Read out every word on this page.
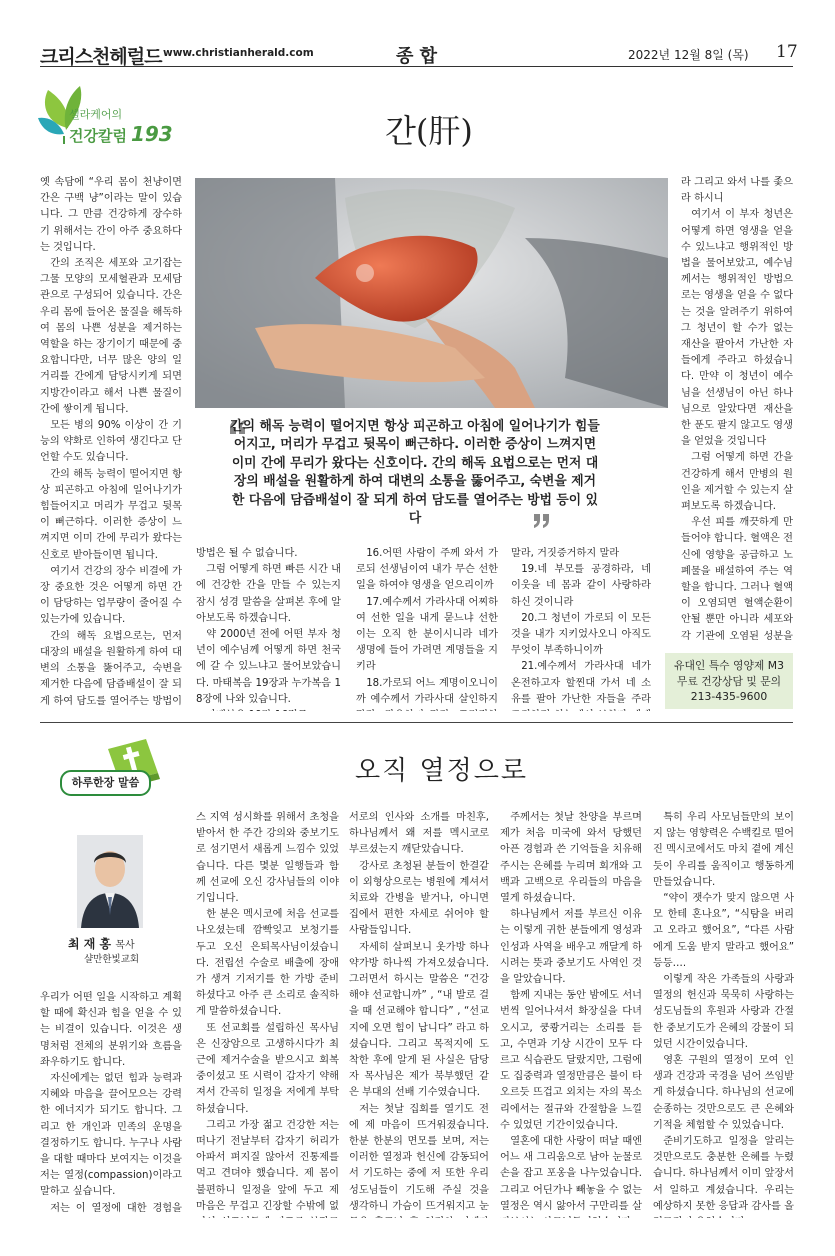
크리스천헤럴드 www.christianherald.com	종 합	2022년 12월 8일 (목) 17
셀라케어의
건강칼럼 193	간(肝)

옛 속담에 “우리 몸이 천냥이면 간은 구백 냥”이라는 말이 있습니다. 그 만큼 건강하게 장수하기 위해서는 간이 아주 중요하다는 것입니다.

간의 조직은 세포와 고기잡는 그물 모양의 모세혈관과 모세담관으로 구성되어 있습니다. 간은 우리 몸에 들어온 물질을 해독하여 몸의 나쁜 성분을 제거하는 역할을 하는 장기이기 때문에 중요합니다만, 너무 많은 양의 일거리를 간에게 담당시키게 되면 지방간이라고 해서 나쁜 물질이 간에 쌓이게 됩니다.

모든 병의 90% 이상이 간 기능의 약화로 인하여 생긴다고 단언할 수도 있습니다.

간의 해독 능력이 떨어지면 항상 피곤하고 아침에 일어나기가 힘들어지고 머리가 무겁고 뒷목이 뻐근하다. 이러한 증상이 느껴지면 이미 간에 무리가 왔다는 신호로 받아들이면 됩니다.

여기서 건강의 장수 비결에 가장 중요한 것은 어떻게 하면 간이 담당하는 업무량이 줄어질 수 있는가에 있습니다.

간의 해독 요법으로는, 먼저 대장의 배설을 원활하게 하여 대변의 소통을 뚫어주고, 숙변을 제거한 다음에 담즙배설이 잘 되게 하여 담도를 열어주는 방법이

간의 해독 능력이 떨어지면 항상 피곤하고 아침에 일어나기가 힘들어지고, 머리가 무겁고 뒷목이 뻐근하다. 이러한 증상이 느껴지면 이미 간에 무리가 왔다는 신호이다. 간의 해독 요법으로는 먼저 대장의 배설을 원활하게 하여 대변의 소통을 뚫어주고, 숙변을 제거한 다음에 담즙배설이 잘 되게 하여 담도를 열어주는 방법 등이 있다

방법은 될 수 없습니다.

그럼 어떻게 하면 빠른 시간 내에 건강한 간을 만들 수 있는지 잠시 성경 말씀을 살펴본 후에 알아보도록 하겠습니다.

약 2000년 전에 어떤 부자 청년이 예수님께 어떻게 하면 천국에 갈 수 있느냐고 물어보았습니다. 마태복음 19장과 누가복음 18장에 나와 있습니다.

16.어떤 사람이 주께 와서 가로되 선생님이여 내가 무슨 선한 일을 하여야 영생을 얻으리이까

17.예수께서 가라사대 어찌하여 선한 일을 내게 묻느냐 선한 이는 오직 한 분이시니라 네가 생명에 들어 가려면 계명들을 지키라

18.가로되 어느 계명이오니이까 예수께서 가라사대 살인하지

말라, 거짓증거하지 말라

19.네 부모를 공경하라, 네 이웃을 네 몸과 같이 사랑하라 하신 것이니라

20.그 청년이 가로되 이 모든 것을 내가 지키었사오니 아직도 무엇이 부족하니이까

21.예수께서 가라사대 네가 온전하고자 할찐대 가서 네 소유를 팔아 가난한 자들을 주라

라 그리고 와서 나를 좇으라 하시니

여기서 이 부자 청년은 어떻게 하면 영생을 얻을 수 있느냐고 행위적인 방법을 물어보았고, 예수님께서는 행위적인 방법으로는 영생을 얻을 수 없다는 것을 알려주기 위하여 그 청년이 할 수가 없는 재산을 팔아서 가난한 자들에게 주라고 하셨습니다. 만약 이 청년이 예수님을 선생님이 아닌 하나님으로 알았다면 재산을 한 푼도 팔지 않고도 영생을 얻었을 것입니다

그럼 어떻게 하면 간을 건강하게 해서 만병의 원인을 제거할 수 있는지 살펴보도록 하겠습니다.

우선 피를 깨끗하게 만들어야 합니다. 혈액은 전신에 영향을 공급하고 노폐물을 배설하여 주는 역할을 합니다. 그러나 혈액이 오염되면 혈액순환이 안될 뿐만 아니라 세포와 각 기관에 오염된 성분을

유대인 특수 영양제 M3
무료 건강상담 및 문의
213-435-9600
하루한장 말씀	오직 열정으로
최 재 홍 목사
샬만한빛교회

우리가 어떤 일을 시작하고 계획할 때에 확신과 힘을 얻을 수 있는 비결이 있습니다. 이것은 생명처럼 전체의 분위기와 흐름을 좌우하기도 합니다.

자신에게는 없던 힘과 능력과 지혜와 마음을 끌어모으는 강력한 에너지가 되기도 합니다. 그리고 한 개인과 민족의 운명을 결정하기도 합니다. 누구나 사람을 대할 때마다 보여지는 이것을 저는 열정(compassion)이라고 말하고 싶습니다.

저는 이 열정에 대한 경험을

스 지역 성시화를 위해서 초청을 받아서 한 주간 강의와 중보기도로 섬기면서 새롭게 느낌수 있었습니다. 다른 몇분 일행들과 함께 선교에 오신 강사님들의 이야기입니다.

한 분은 멕시코에 처음 선교를 나오셨는데 깜빡잊고 보청기를 두고 오신 은퇴목사님이셨습니다. 전립선 수술로 배출에 장애가 생겨 기저기를 한 가방 준비하셨다고 아주 큰 소리로 솔직하게 말씀하셨습니다.

또 선교회를 설립하신 목사님은 신장암으로 고생하시다가 최근에 제거수술을 받으시고 회복중이셨고 또 시력이 갑자기 약해져서 간곡히 일정을 저에게 부탁하셨습니다.

그리고 가장 젊고 건강한 저는 떠나기 전날부터 갑자기 허리가 아파서 펴지질 않아서 진통제를 먹고 견뎌야 했습니다. 제 몸이 불편하니 일정을 앞에 두고 제 마음은 무겁고 긴장할 수밖에 없

서로의 인사와 소개를 마친후, 하나님께서 왜 저를 멕시코로 부르셨는지 깨닫았습니다.

강사로 초청된 분들이 한결같이 외형상으로는 병원에 계셔서 치료와 간병을 받거나, 아니면 집에서 편한 자세로 쉬어야 할 사람들입니다.

자세히 살펴보니 옷가방 하나 약가방 하나씩 가져오셨습니다. 그러면서 하시는 말씀은 “건강해야 선교합니까” , “내 발로 걸을 때 선교해야 합니다” , “선교지에 오면 힘이 납니다” 라고 하셨습니다. 그리고 목적지에 도착한 후에 알게 된 사실은 담당자 목사님은 제가 북부했던 같은 부대의 선배 기수였습니다.

저는 첫날 집회를 열기도 전에 제 마음이 뜨거워졌습니다. 한분 한분의 면모를 보며, 저는 이러한 열정과 헌신에 감동되어서 기도하는 중에 저 또한 우리 성도님들이 기도해 주실 것을 생각하니 가슴이 뜨거워지고 눈

주께서는 첫날 찬양을 부르며 제가 처음 미국에 와서 당했던 아픈 경험과 쓴 기억들을 치유해 주시는 은혜를 누리며 회개와 고백과 고백으로 우리들의 마음을 열게 하셨습니다.

하나님께서 저를 부르신 이유는 이렇게 귀한 분들에게 영성과 인성과 사역을 배우고 깨달게 하시려는 뜻과 중보기도 사역인 것을 알았습니다.

함께 지내는 동안 밤에도 서너번씩 일어나셔서 화장실을 다녀오시고, 쿵쾅거리는 소리를 듣고, 수면과 기상 시간이 모두 다르고 식습관도 달랐지만, 그럼에도 집중력과 열정만큼은 불이 타오르듯 뜨겁고 외치는 자의 목소리에서는 절규와 간절함을 느낄 수 있었던 기간이었습니다.

열혼에 대한 사랑이 떠날 때엔 어느 새 그리움으로 남아 눈물로 손을 잡고 포옹을 나누었습니다. 그리고 어딘가나 빼놓을 수 없는 열정은 역시 앓아서 구만리를 살

특히 우리 사모님들만의 보이지 않는 영향력은 수백킬로 떨어진 멕시코에서도 마치 곁에 계신 듯이 우리를 움직이고 행동하게 만들었습니다.

“약이 잿수가 맞지 않으면 사모 한테 혼나요”, “식탐을 버리고 오라고 했어요”, “다른 사람에게 도움 받지 말라고 했어요” 등등….

이렇게 작은 가족들의 사랑과 열정의 헌신과 묵묵히 사랑하는 성도님들의 후원과 사랑과 간절한 중보기도가 은혜의 강물이 되었던 시간이었습니다.

영혼 구원의 열정이 모여 인생과 건강과 국경을 넘어 쓰임받게 하셨습니다. 하나님의 선교에 순종하는 것만으로도 큰 은혜와 기적을 체험할 수 있었습니다.

준비기도하고 일정을 알리는 것만으로도 충분한 은혜를 누렸습니다. 하나님께서 이미 앞장서서 일하고 계셨습니다. 우리는 예상하지 못한 응답과 감사를 올
